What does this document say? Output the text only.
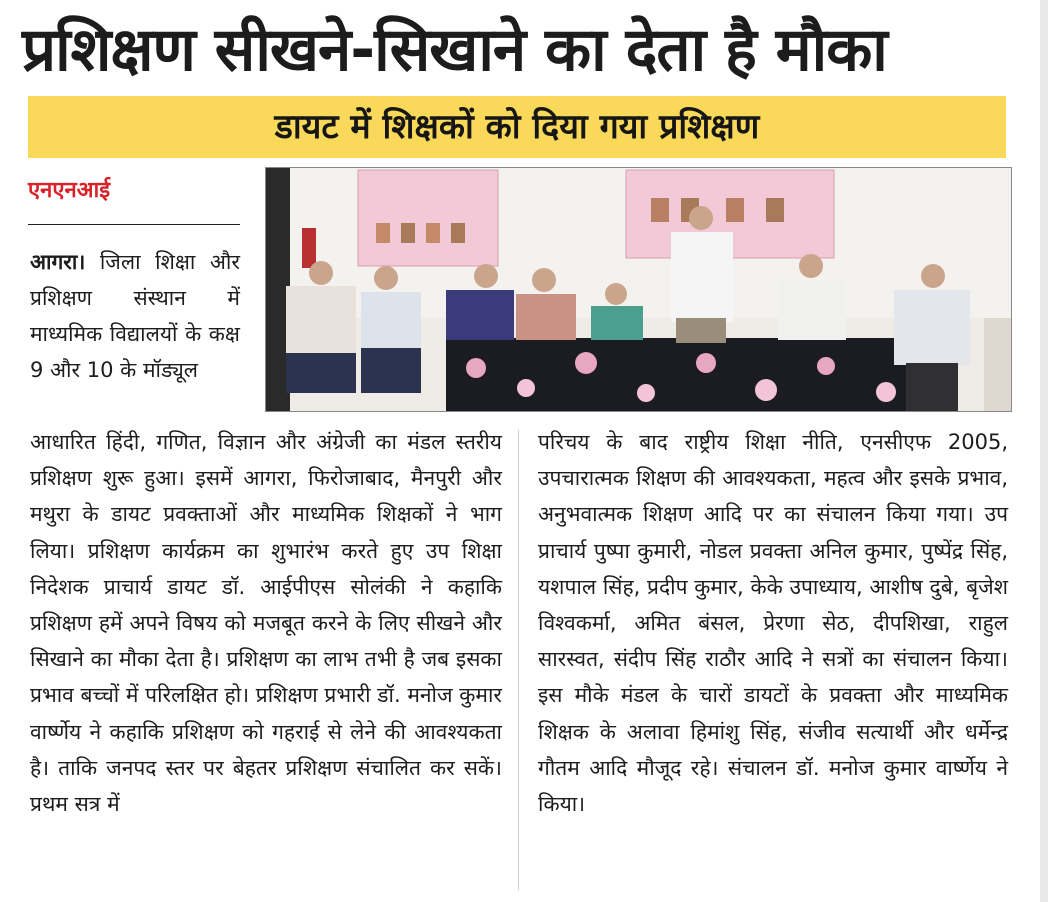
प्रशिक्षण सीखने-सिखाने का देता है मौका
डायट में शिक्षकों को दिया गया प्रशिक्षण
एनएनआई
आगरा। जिला शिक्षा और प्रशिक्षण संस्थान में माध्यमिक विद्यालयों के कक्ष 9 और 10 के मॉड्यूल
आधारित हिंदी, गणित, विज्ञान और अंग्रेजी का मंडल स्तरीय प्रशिक्षण शुरू हुआ। इसमें आगरा, फिरोजाबाद, मैनपुरी और मथुरा के डायट प्रवक्ताओं और माध्यमिक शिक्षकों ने भाग लिया। प्रशिक्षण कार्यक्रम का शुभारंभ करते हुए उप शिक्षा निदेशक प्राचार्य डायट डॉ. आईपीएस सोलंकी ने कहाकि प्रशिक्षण हमें अपने विषय को मजबूत करने के लिए सीखने और सिखाने का मौका देता है। प्रशिक्षण का लाभ तभी है जब इसका प्रभाव बच्चों में परिलक्षित हो। प्रशिक्षण प्रभारी डॉ. मनोज कुमार वार्ष्णेय ने कहाकि प्रशिक्षण को गहराई से लेने की आवश्यकता है। ताकि जनपद स्तर पर बेहतर प्रशिक्षण संचालित कर सकें। प्रथम सत्र में
परिचय के बाद राष्ट्रीय शिक्षा नीति, एनसीएफ 2005, उपचारात्मक शिक्षण की आवश्यकता, महत्व और इसके प्रभाव, अनुभवात्मक शिक्षण आदि पर का संचालन किया गया। उप प्राचार्य पुष्पा कुमारी, नोडल प्रवक्ता अनिल कुमार, पुष्पेंद्र सिंह, यशपाल सिंह, प्रदीप कुमार, केके उपाध्याय, आशीष दुबे, बृजेश विश्वकर्मा, अमित बंसल, प्रेरणा सेठ, दीपशिखा, राहुल सारस्वत, संदीप सिंह राठौर आदि ने सत्रों का संचालन किया। इस मौके मंडल के चारों डायटों के प्रवक्ता और माध्यमिक शिक्षक के अलावा हिमांशु सिंह, संजीव सत्यार्थी और धर्मेन्द्र गौतम आदि मौजूद रहे। संचालन डॉ. मनोज कुमार वार्ष्णेय ने किया।
